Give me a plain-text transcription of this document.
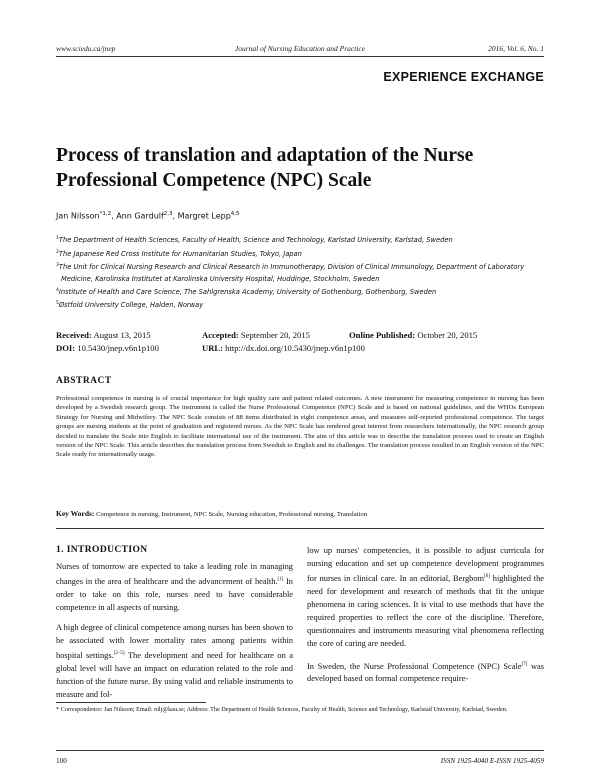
www.sciedu.ca/jnep	Journal of Nursing Education and Practice	2016, Vol. 6, No. 1
EXPERIENCE EXCHANGE
Process of translation and adaptation of the Nurse
Professional Competence (NPC) Scale
Jan Nilsson$^{*1,2}$, Ann Gardulf$^{2,3}$, Margret Lepp$^{4,5}$

$^1$The Department of Health Sciences, Faculty of Health, Science and Technology, Karlstad University, Karlstad, Sweden

$^2$The Japanese Red Cross Institute for Humanitarian Studies, Tokyo, Japan

$^3$The Unit for Clinical Nursing Research and Clinical Research in Immunotherapy, Division of Clinical Immunology, Department of Laboratory Medicine, Karolinska Institutet at Karolinska University Hospital, Huddinge, Stockholm, Sweden

$^4$Institute of Health and Care Science, The Sahlgrenska Academy, University of Gothenburg, Gothenburg, Sweden

$^5$Østfold University College, Halden, Norway

Received: August 13, 2015	Accepted: September 20, 2015	Online Published: October 20, 2015
DOI: 10.5430/jnep.v6n1p100	URL: http://dx.doi.org/10.5430/jnep.v6n1p100
ABSTRACT
Professional competence in nursing is of crucial importance for high quality care and patient related outcomes. A new instrument for measuring competence in nursing has been developed by a Swedish research group. The instrument is called the Nurse Professional Competence (NPC) Scale and is based on national guidelines, and the WHOs European Strategy for Nursing and Midwifery. The NPC Scale consists of 88 items distributed in eight competence areas, and measures self-reported professional competence. The target groups are nursing students at the point of graduation and registered nurses. As the NPC Scale has rendered great interest from researchers internationally, the NPC research group decided to translate the Scale into English to facilitate international use of the instrument. The aim of this article was to describe the translation process used to create an English version of the NPC Scale. This article describes the translation process from Swedish to English and its challenges. The translation process resulted in an English version of the NPC Scale ready for internationally usage.
Key Words: Competence in nursing, Instrument, NPC Scale, Nursing education, Professional nursing, Translation
1. INTRODUCTION

Nurses of tomorrow are expected to take a leading role in managing changes in the area of healthcare and the advancement of health.[1] In order to take on this role, nurses need to have considerable competence in all aspects of nursing.

A high degree of clinical competence among nurses has been shown to be associated with lower mortality rates among patients within hospital settings.[2–5] The development and need for healthcare on a global level will have an impact on education related to the role and function of the future nurse. By using valid and reliable instruments to measure and fol-

low up nurses' competencies, it is possible to adjust curricula for nursing education and set up competence development programmes for nurses in clinical care. In an editorial, Bergbom[6] highlighted the need for development and research of methods that fit the unique phenomena in caring sciences. It is vital to use methods that have the required properties to reflect the core of the discipline. Therefore, questionnaires and instruments measuring vital phenomena reflecting the core of caring are needed.

In Sweden, the Nurse Professional Competence (NPC) Scale[7] was developed based on formal competence require-

* Correspondence: Jan Nilsson; Email: nilj@kau.se; Address: The Department of Health Sciences, Faculty of Health, Science and Technology, Karlstad University, Karlstad, Sweden.
100	ISSN 1925-4040 E-ISSN 1925-4059
